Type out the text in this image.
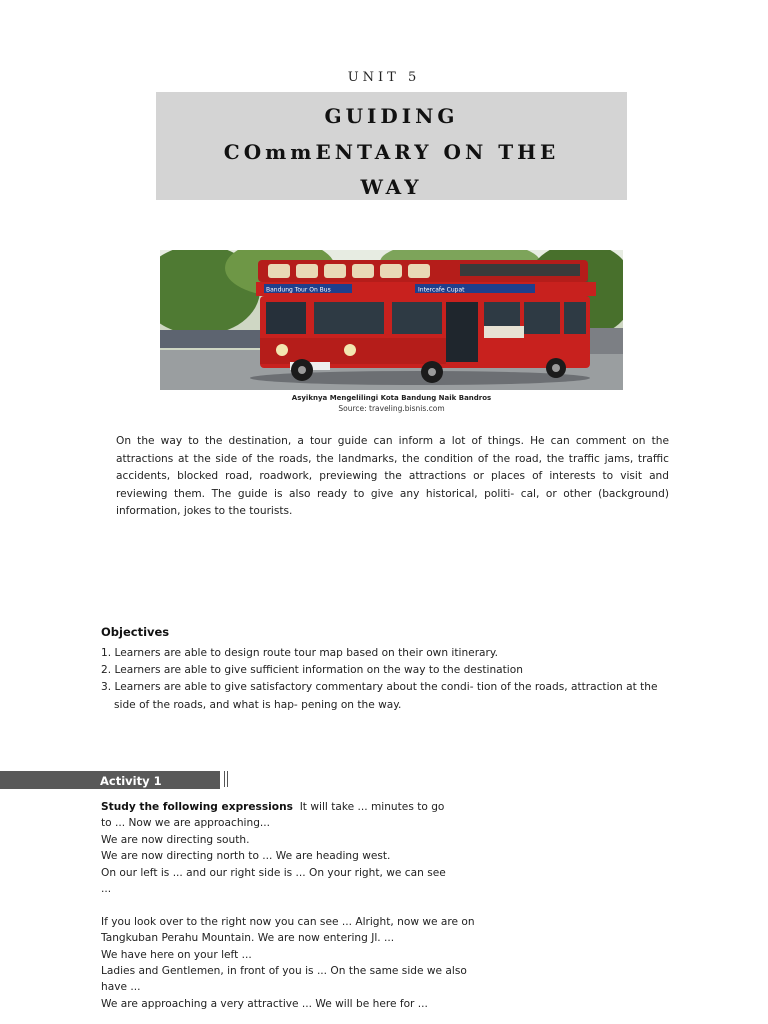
UNIT 5
GUIDING
COmmENTARY ON THE
WAY
Bandung Tour On Bus	Intercafe Cupat
Asyiknya Mengelilingi Kota Bandung Naik Bandros
Source: traveling.bisnis.com
On the way to the destination, a tour guide can inform a lot of things. He can comment on the attractions at the side of the roads, the landmarks, the condition of the road, the traffic jams, traffic accidents, blocked road, roadwork, previewing the attractions or places of interests to visit and reviewing them. The guide is also ready to give any historical, politi- cal, or other (background) information, jokes to the tourists.
Objectives
1. Learners are able to design route tour map based on their own itinerary.
2. Learners are able to give sufficient information on the way to the destination
3. Learners are able to give satisfactory commentary about the condi- tion of the roads, attraction at the side of the roads, and what is hap- pening on the way.
Activity 1
Study the following expressions It will take ... minutes to go
to ... Now we are approaching...
We are now directing south.
We are now directing north to ... We are heading west.
On our left is ... and our right side is ... On your right, we can see
...
If you look over to the right now you can see ... Alright, now we are on
Tangkuban Perahu Mountain. We are now entering Jl. ...
We have here on your left ...
Ladies and Gentlemen, in front of you is ... On the same side we also
have ...
We are approaching a very attractive ... We will be here for ...
